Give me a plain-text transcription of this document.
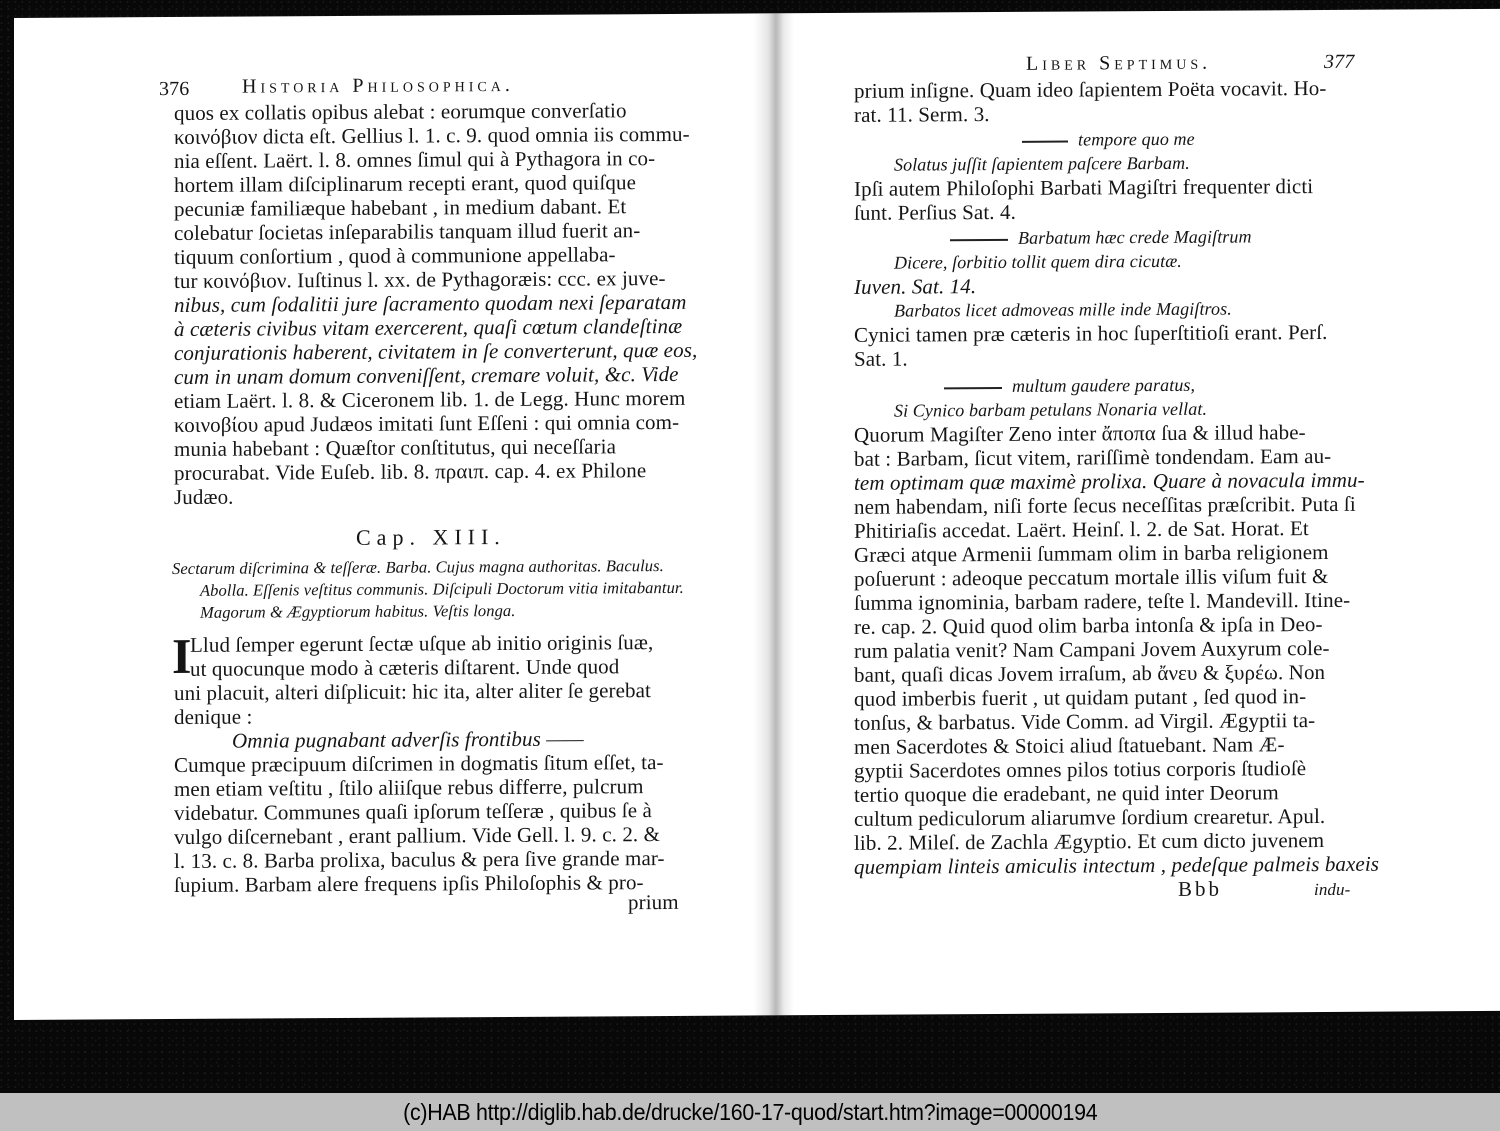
376	Historia Philosophica.
quos ex collatis opibus alebat : eorumque converſatio
κοινόβιον dicta eſt. Gellius l. 1. c. 9. quod omnia iis commu-
nia eſſent. Laërt. l. 8. omnes ſimul qui à Pythagora in co-
hortem illam diſciplinarum recepti erant, quod quiſque
pecuniæ familiæque habebant , in medium dabant. Et
colebatur ſocietas inſeparabilis tanquam illud fuerit an-
tiquum conſortium , quod à communione appellaba-
tur κοινόβιον. Iuſtinus l. xx. de Pythagoræis: ccc. ex juve-
nibus, cum ſodalitii jure ſacramento quodam nexi ſeparatam
à cæteris civibus vitam exercerent, quaſi cœtum clandeſtinæ
conjurationis haberent, civitatem in ſe converterunt, quæ eos,
cum in unam domum conveniſſent, cremare voluit, &c. Vide
etiam Laërt. l. 8. & Ciceronem lib. 1. de Legg. Hunc morem
κοινοβίου apud Judæos imitati ſunt Eſſeni : qui omnia com-
munia habebant : Quæſtor conſtitutus, qui neceſſaria
procurabat. Vide Euſeb. lib. 8. πραιπ. cap. 4. ex Philone
Judæo.
Cap. XIII.
Sectarum diſcrimina & teſſeræ. Barba. Cujus magna authoritas. Baculus.
Abolla. Eſſenis veſtitus communis. Diſcipuli Doctorum vitia imitabantur.
Magorum & Ægyptiorum habitus. Veſtis longa.
I
Llud ſemper egerunt ſectæ uſque ab initio originis ſuæ,
ut quocunque modo à cæteris diſtarent. Unde quod
uni placuit, alteri diſplicuit: hic ita, alter aliter ſe gerebat
denique :
Omnia pugnabant adverſis frontibus ——
Cumque præcipuum diſcrimen in dogmatis ſitum eſſet, ta-
men etiam veſtitu , ſtilo aliiſque rebus differre, pulcrum
videbatur. Communes quaſi ipſorum teſſeræ , quibus ſe à
vulgo diſcernebant , erant pallium. Vide Gell. l. 9. c. 2. &
l. 13. c. 8. Barba prolixa, baculus & pera ſive grande mar-
ſupium. Barbam alere frequens ipſis Philoſophis & pro-
prium
Liber Septimus.	377
prium inſigne. Quam ideo ſapientem Poëta vocavit. Ho-
rat. 11. Serm. 3.
tempore quo me
Solatus juſſit ſapientem paſcere Barbam.
Ipſi autem Philoſophi Barbati Magiſtri frequenter dicti
ſunt. Perſius Sat. 4.
Barbatum hæc crede Magiſtrum
Dicere, ſorbitio tollit quem dira cicutæ.
Iuven. Sat. 14.
Barbatos licet admoveas mille inde Magiſtros.
Cynici tamen præ cæteris in hoc ſuperſtitioſi erant. Perſ.
Sat. 1.
multum gaudere paratus,
Si Cynico barbam petulans Nonaria vellat.
Quorum Magiſter Zeno inter ἄποπα ſua & illud habe-
bat : Barbam, ſicut vitem, rariſſimè tondendam. Eam au-
tem optimam quæ maximè prolixa. Quare à novacula immu-
nem habendam, niſi forte ſecus neceſſitas præſcribit. Puta ſi
Phitiriaſis accedat. Laërt. Heinſ. l. 2. de Sat. Horat. Et
Græci atque Armenii ſummam olim in barba religionem
poſuerunt : adeoque peccatum mortale illis viſum fuit &
ſumma ignominia, barbam radere, teſte l. Mandevill. Itine-
re. cap. 2. Quid quod olim barba intonſa & ipſa in Deo-
rum palatia venit? Nam Campani Jovem Auxyrum cole-
bant, quaſi dicas Jovem irraſum, ab ἄνευ & ξυρέω. Non
quod imberbis fuerit , ut quidam putant , ſed quod in-
tonſus, & barbatus. Vide Comm. ad Virgil. Ægyptii ta-
men Sacerdotes & Stoici aliud ſtatuebant. Nam Æ-
gyptii Sacerdotes omnes pilos totius corporis ſtudioſè
tertio quoque die eradebant, ne quid inter Deorum
cultum pediculorum aliarumve ſordium crearetur. Apul.
lib. 2. Mileſ. de Zachla Ægyptio. Et cum dicto juvenem
quempiam linteis amiculis intectum , pedeſque palmeis baxeis
Bbb	indu-
(c)HAB http://diglib.hab.de/drucke/160-17-quod/start.htm?image=00000194
